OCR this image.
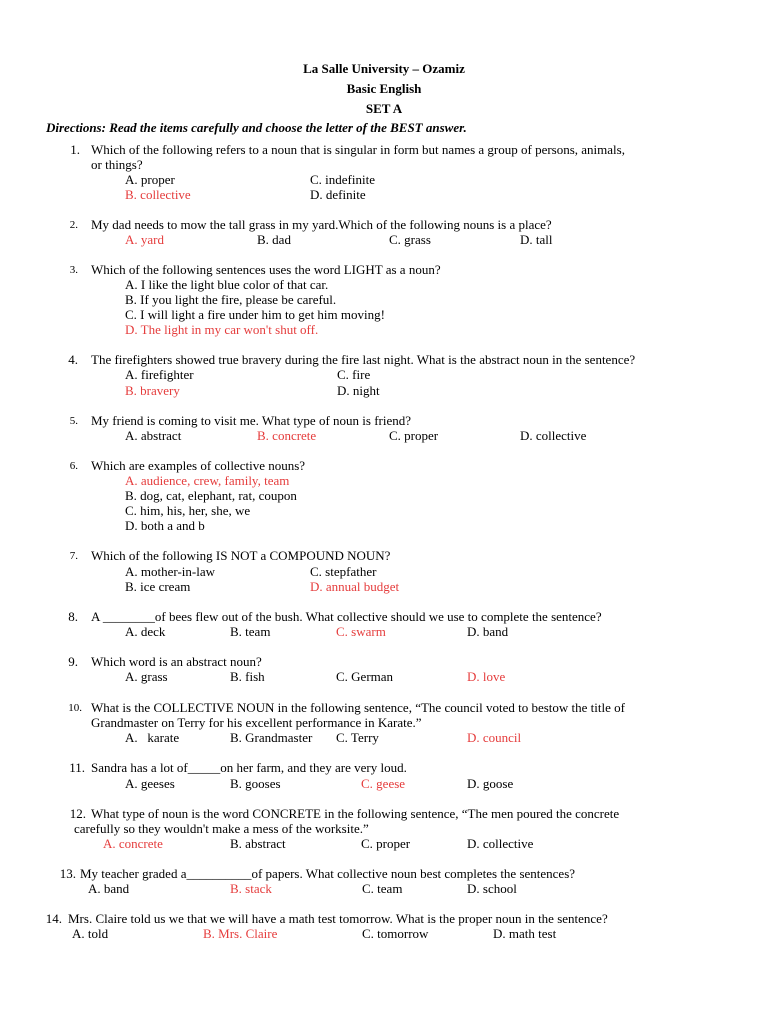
La Salle University – Ozamiz
Basic English
SET A
Directions: Read the items carefully and choose the letter of the BEST answer.
1. Which of the following refers to a noun that is singular in form but names a group of persons, animals,
or things?
A. proper	C. indefinite
B. collective	D. definite
2. My dad needs to mow the tall grass in my yard.Which of the following nouns is a place?
A. yard	B. dad	C. grass	D. tall
3. Which of the following sentences uses the word LIGHT as a noun?
A. I like the light blue color of that car.
B. If you light the fire, please be careful.
C. I will light a fire under him to get him moving!
D. The light in my car won't shut off.
4. The firefighters showed true bravery during the fire last night. What is the abstract noun in the sentence?
A. firefighter	C. fire
B. bravery	D. night
5. My friend is coming to visit me. What type of noun is friend?
A. abstract	B. concrete	C. proper	D. collective
6. Which are examples of collective nouns?
A. audience, crew, family, team
B. dog, cat, elephant, rat, coupon
C. him, his, her, she, we
D. both a and b
7. Which of the following IS NOT a COMPOUND NOUN?
A. mother-in-law	C. stepfather
B. ice cream	D. annual budget
8. A ________of bees flew out of the bush. What collective should we use to complete the sentence?
A. deck	B. team	C. swarm	D. band
9. Which word is an abstract noun?
A. grass	B. fish	C. German	D. love
10. What is the COLLECTIVE NOUN in the following sentence, “The council voted to bestow the title of
Grandmaster on Terry for his excellent performance in Karate.”
A.   karate	B. Grandmaster C. Terry	D. council
11. Sandra has a lot of_____on her farm, and they are very loud.
A. geeses	B. gooses	C. geese	D. goose
12. What type of noun is the word CONCRETE in the following sentence, “The men poured the concrete
carefully so they wouldn't make a mess of the worksite.”
A. concrete	B. abstract	C. proper	D. collective
13. My teacher graded a__________of papers. What collective noun best completes the sentences?
A. band	B. stack	C. team	D. school
14. Mrs. Claire told us we that we will have a math test tomorrow. What is the proper noun in the sentence?
A. told	B. Mrs. Claire	C. tomorrow	D. math test
